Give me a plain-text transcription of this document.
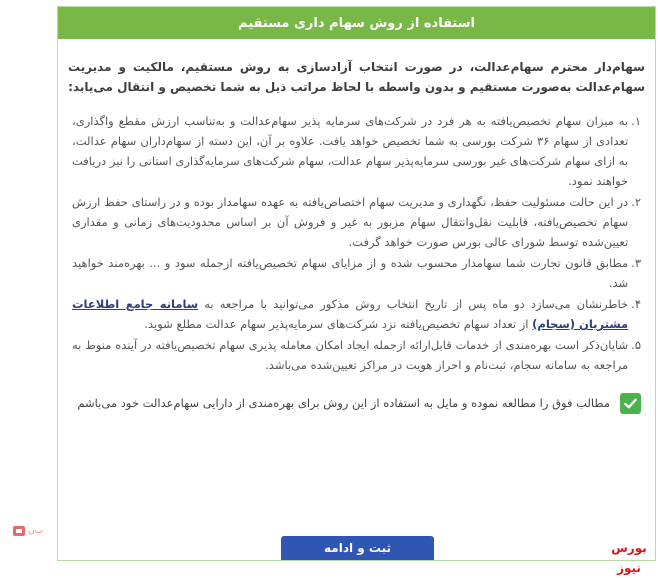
استفاده از روش سهام داری مستقیم
سهام‌دار محترم سهام‌عدالت، در صورت انتخاب آزادسازی به روش مستقیم، مالکیت و مدیریت سهام‌عدالت به‌صورت مستقیم و بدون واسطه با لحاظ مراتب ذیل به شما تخصیص و انتقال می‌یابد:
۱.
به میزان سهام تخصیص‌یافته به هر فرد در شرکت‌های سرمایه پذیر سهام‌عدالت و به‌تناسب ارزش مقطع واگذاری، تعدادی از سهام ۳۶ شرکت بورسی به شما تخصیص خواهد یافت. علاوه بر آن، این دسته از سهام‌داران سهام عدالت، به ازای سهام شرکت‌های غیر بورسی سرمایه‌پذیر سهام عدالت، سهام شرکت‌های سرمایه‌گذاری استانی را نیز دریافت خواهند نمود.
۲.
در این حالت مسئولیت حفظ، نگهداری و مدیریت سهام اختصاص‌یافته به عهده سهامدار بوده و در راستای حفظ ارزش سهام تخصیص‌یافته، قابلیت نقل‌وانتقال سهام مزبور به غیر و فروش آن بر اساس محدودیت‌های زمانی و مقداری تعیین‌شده توسط شورای عالی بورس صورت خواهد گرفت.
۳.
مطابق قانون تجارت شما سهامدار محسوب شده و از مزایای سهام تخصیص‌یافته ازجمله سود و ... بهره‌مند خواهید شد.
۴.
خاطرنشان می‌سازد دو ماه پس از تاریخ انتخاب روش مذکور می‌توانید با مراجعه به سامانه جامع اطلاعات مشتریان (سجام) از تعداد سهام تخصیص‌یافته نزد شرکت‌های سرمایه‌پذیر سهام عدالت مطلع شوید.
۵.
شایان‌ذکر است بهره‌مندی از خدمات قابل‌ارائه ازجمله ایجاد امکان معامله پذیری سهام تخصیص‌یافته در آینده منوط به مراجعه به سامانه سجام، ثبت‌نام و احراز هویت در مراکز تعیین‌شده می‌باشد.
مطالب فوق را مطالعه نموده و مایل به استفاده از این روش برای بهره‌مندی از دارایی سهام‌عدالت خود می‌باشم
ثبت و ادامه
ب‌ن
بورس نیوز
